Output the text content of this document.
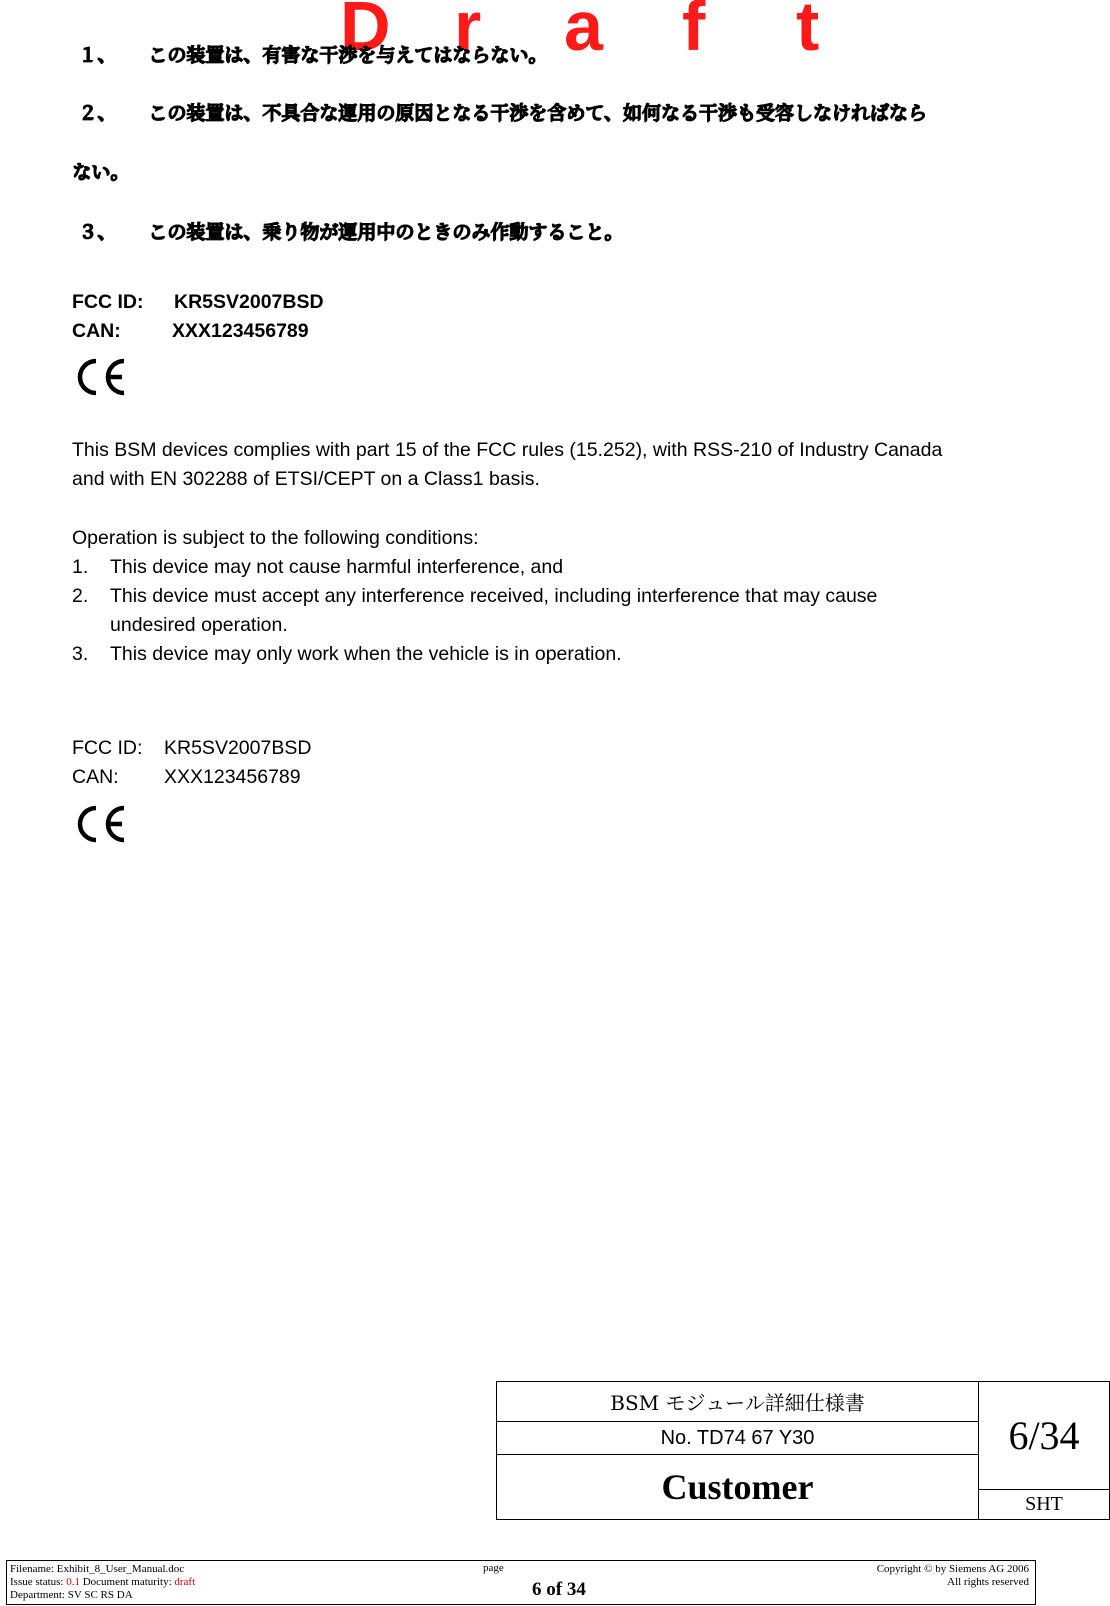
D r a f t
１、 この装置は、有害な干渉を与えてはならない。
２、 この装置は、不具合な運用の原因となる干渉を含めて、如何なる干渉も受容しなければなら
ない。
３、 この装置は、乗り物が運用中のときのみ作動すること。
FCC ID: KR5SV2007BSD
CAN:	XXX123456789
This BSM devices complies with part 15 of the FCC rules (15.252), with RSS-210 of Industry Canada
and with EN 302288 of ETSI/CEPT on a Class1 basis.
Operation is subject to the following conditions:
1. This device may not cause harmful interference, and
2. This device must accept any interference received, including interference that may cause
undesired operation.
3. This device may only work when the vehicle is in operation.
FCC ID: KR5SV2007BSD
CAN: XXX123456789
BSM モジュール詳細仕様書
No. TD74 67 Y30
Customer
6/34
SHT
Filename: Exhibit_8_User_Manual.doc
Issue status: 0.1 Document maturity: draft
Department: SV SC RS DA
page
6 of 34
Copyright © by Siemens AG 2006
All rights reserved
